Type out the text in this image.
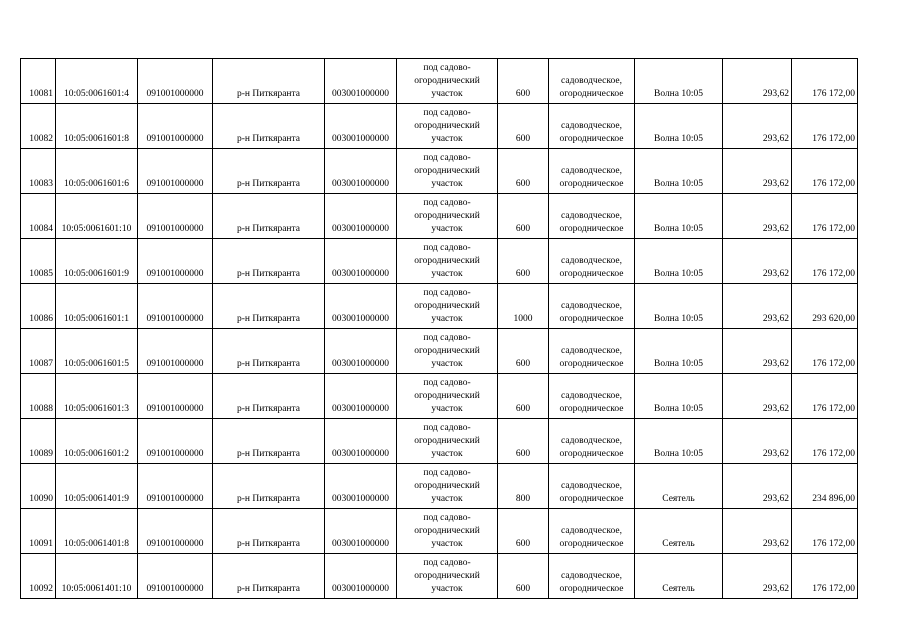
10081	10:05:0061601:4	091001000000	р-н Питкяранта	003001000000	под садово-
огороднический
участок	600	садоводческое,
огородническое	Волна 10:05	293,62	176 172,00
10082	10:05:0061601:8	091001000000	р-н Питкяранта	003001000000	под садово-
огороднический
участок	600	садоводческое,
огородническое	Волна 10:05	293,62	176 172,00
10083	10:05:0061601:6	091001000000	р-н Питкяранта	003001000000	под садово-
огороднический
участок	600	садоводческое,
огородническое	Волна 10:05	293,62	176 172,00
10084	10:05:0061601:10	091001000000	р-н Питкяранта	003001000000	под садово-
огороднический
участок	600	садоводческое,
огородническое	Волна 10:05	293,62	176 172,00
10085	10:05:0061601:9	091001000000	р-н Питкяранта	003001000000	под садово-
огороднический
участок	600	садоводческое,
огородническое	Волна 10:05	293,62	176 172,00
10086	10:05:0061601:1	091001000000	р-н Питкяранта	003001000000	под садово-
огороднический
участок	1000	садоводческое,
огородническое	Волна 10:05	293,62	293 620,00
10087	10:05:0061601:5	091001000000	р-н Питкяранта	003001000000	под садово-
огороднический
участок	600	садоводческое,
огородническое	Волна 10:05	293,62	176 172,00
10088	10:05:0061601:3	091001000000	р-н Питкяранта	003001000000	под садово-
огороднический
участок	600	садоводческое,
огородническое	Волна 10:05	293,62	176 172,00
10089	10:05:0061601:2	091001000000	р-н Питкяранта	003001000000	под садово-
огороднический
участок	600	садоводческое,
огородническое	Волна 10:05	293,62	176 172,00
10090	10:05:0061401:9	091001000000	р-н Питкяранта	003001000000	под садово-
огороднический
участок	800	садоводческое,
огородническое	Сеятель	293,62	234 896,00
10091	10:05:0061401:8	091001000000	р-н Питкяранта	003001000000	под садово-
огороднический
участок	600	садоводческое,
огородническое	Сеятель	293,62	176 172,00
10092	10:05:0061401:10	091001000000	р-н Питкяранта	003001000000	под садово-
огороднический
участок	600	садоводческое,
огородническое	Сеятель	293,62	176 172,00
